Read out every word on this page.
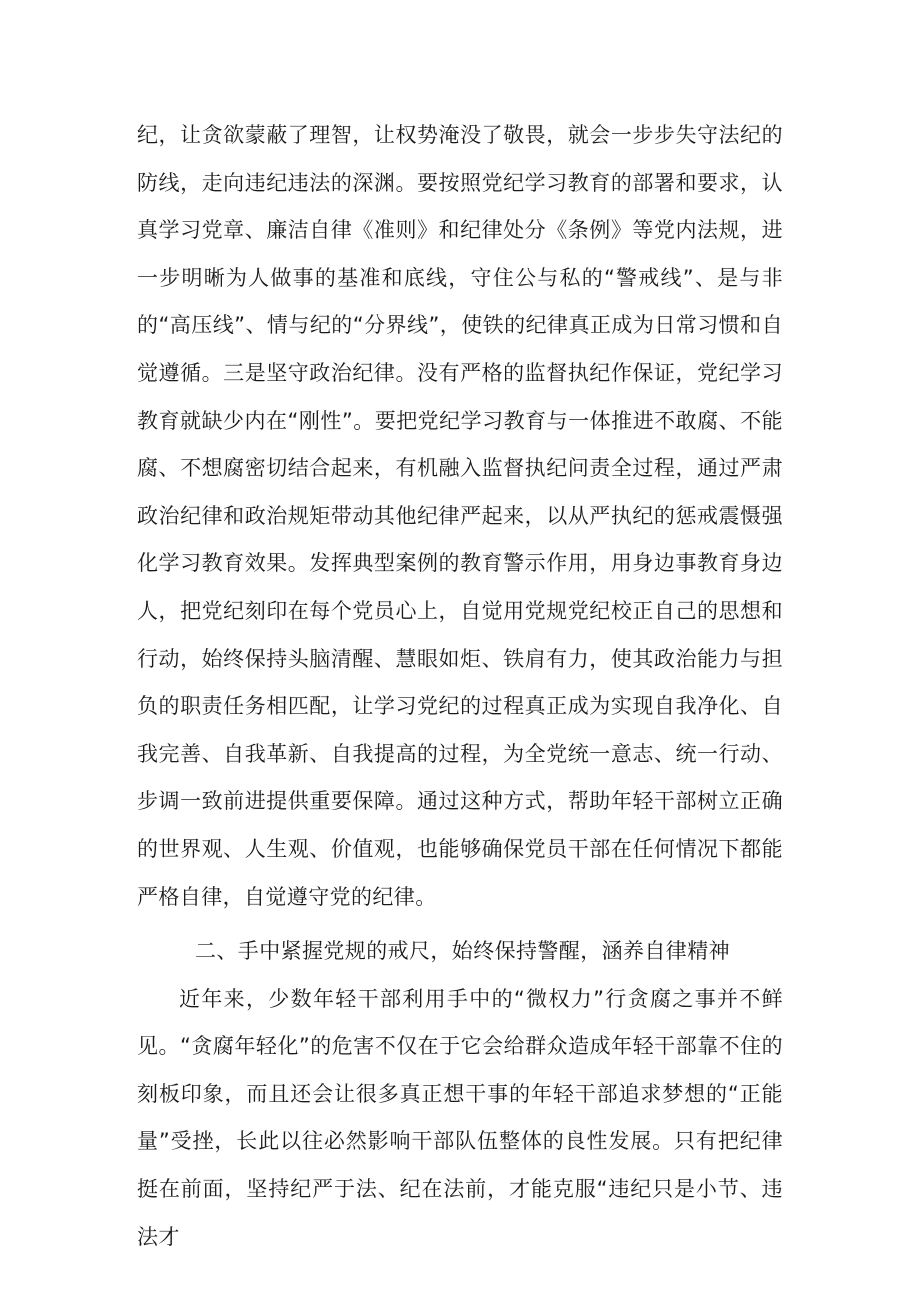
纪，让贪欲蒙蔽了理智，让权势淹没了敬畏，就会一步步失守法纪的防线，走向违纪违法的深渊。要按照党纪学习教育的部署和要求，认真学习党章、廉洁自律《准则》和纪律处分《条例》等党内法规，进一步明晰为人做事的基准和底线，守住公与私的“警戒线”、是与非的“高压线”、情与纪的“分界线”，使铁的纪律真正成为日常习惯和自觉遵循。三是坚守政治纪律。没有严格的监督执纪作保证，党纪学习教育就缺少内在“刚性”。要把党纪学习教育与一体推进不敢腐、不能腐、不想腐密切结合起来，有机融入监督执纪问责全过程，通过严肃政治纪律和政治规矩带动其他纪律严起来，以从严执纪的惩戒震慑强化学习教育效果。发挥典型案例的教育警示作用，用身边事教育身边人，把党纪刻印在每个党员心上，自觉用党规党纪校正自己的思想和行动，始终保持头脑清醒、慧眼如炬、铁肩有力，使其政治能力与担负的职责任务相匹配，让学习党纪的过程真正成为实现自我净化、自我完善、自我革新、自我提高的过程，为全党统一意志、统一行动、步调一致前进提供重要保障。通过这种方式，帮助年轻干部树立正确的世界观、人生观、价值观，也能够确保党员干部在任何情况下都能严格自律，自觉遵守党的纪律。

二、手中紧握党规的戒尺，始终保持警醒，涵养自律精神

近年来，少数年轻干部利用手中的“微权力”行贪腐之事并不鲜见。“贪腐年轻化”的危害不仅在于它会给群众造成年轻干部靠不住的刻板印象，而且还会让很多真正想干事的年轻干部追求梦想的“正能量”受挫，长此以往必然影响干部队伍整体的良性发展。只有把纪律挺在前面，坚持纪严于法、纪在法前，才能克服“违纪只是小节、违法才
